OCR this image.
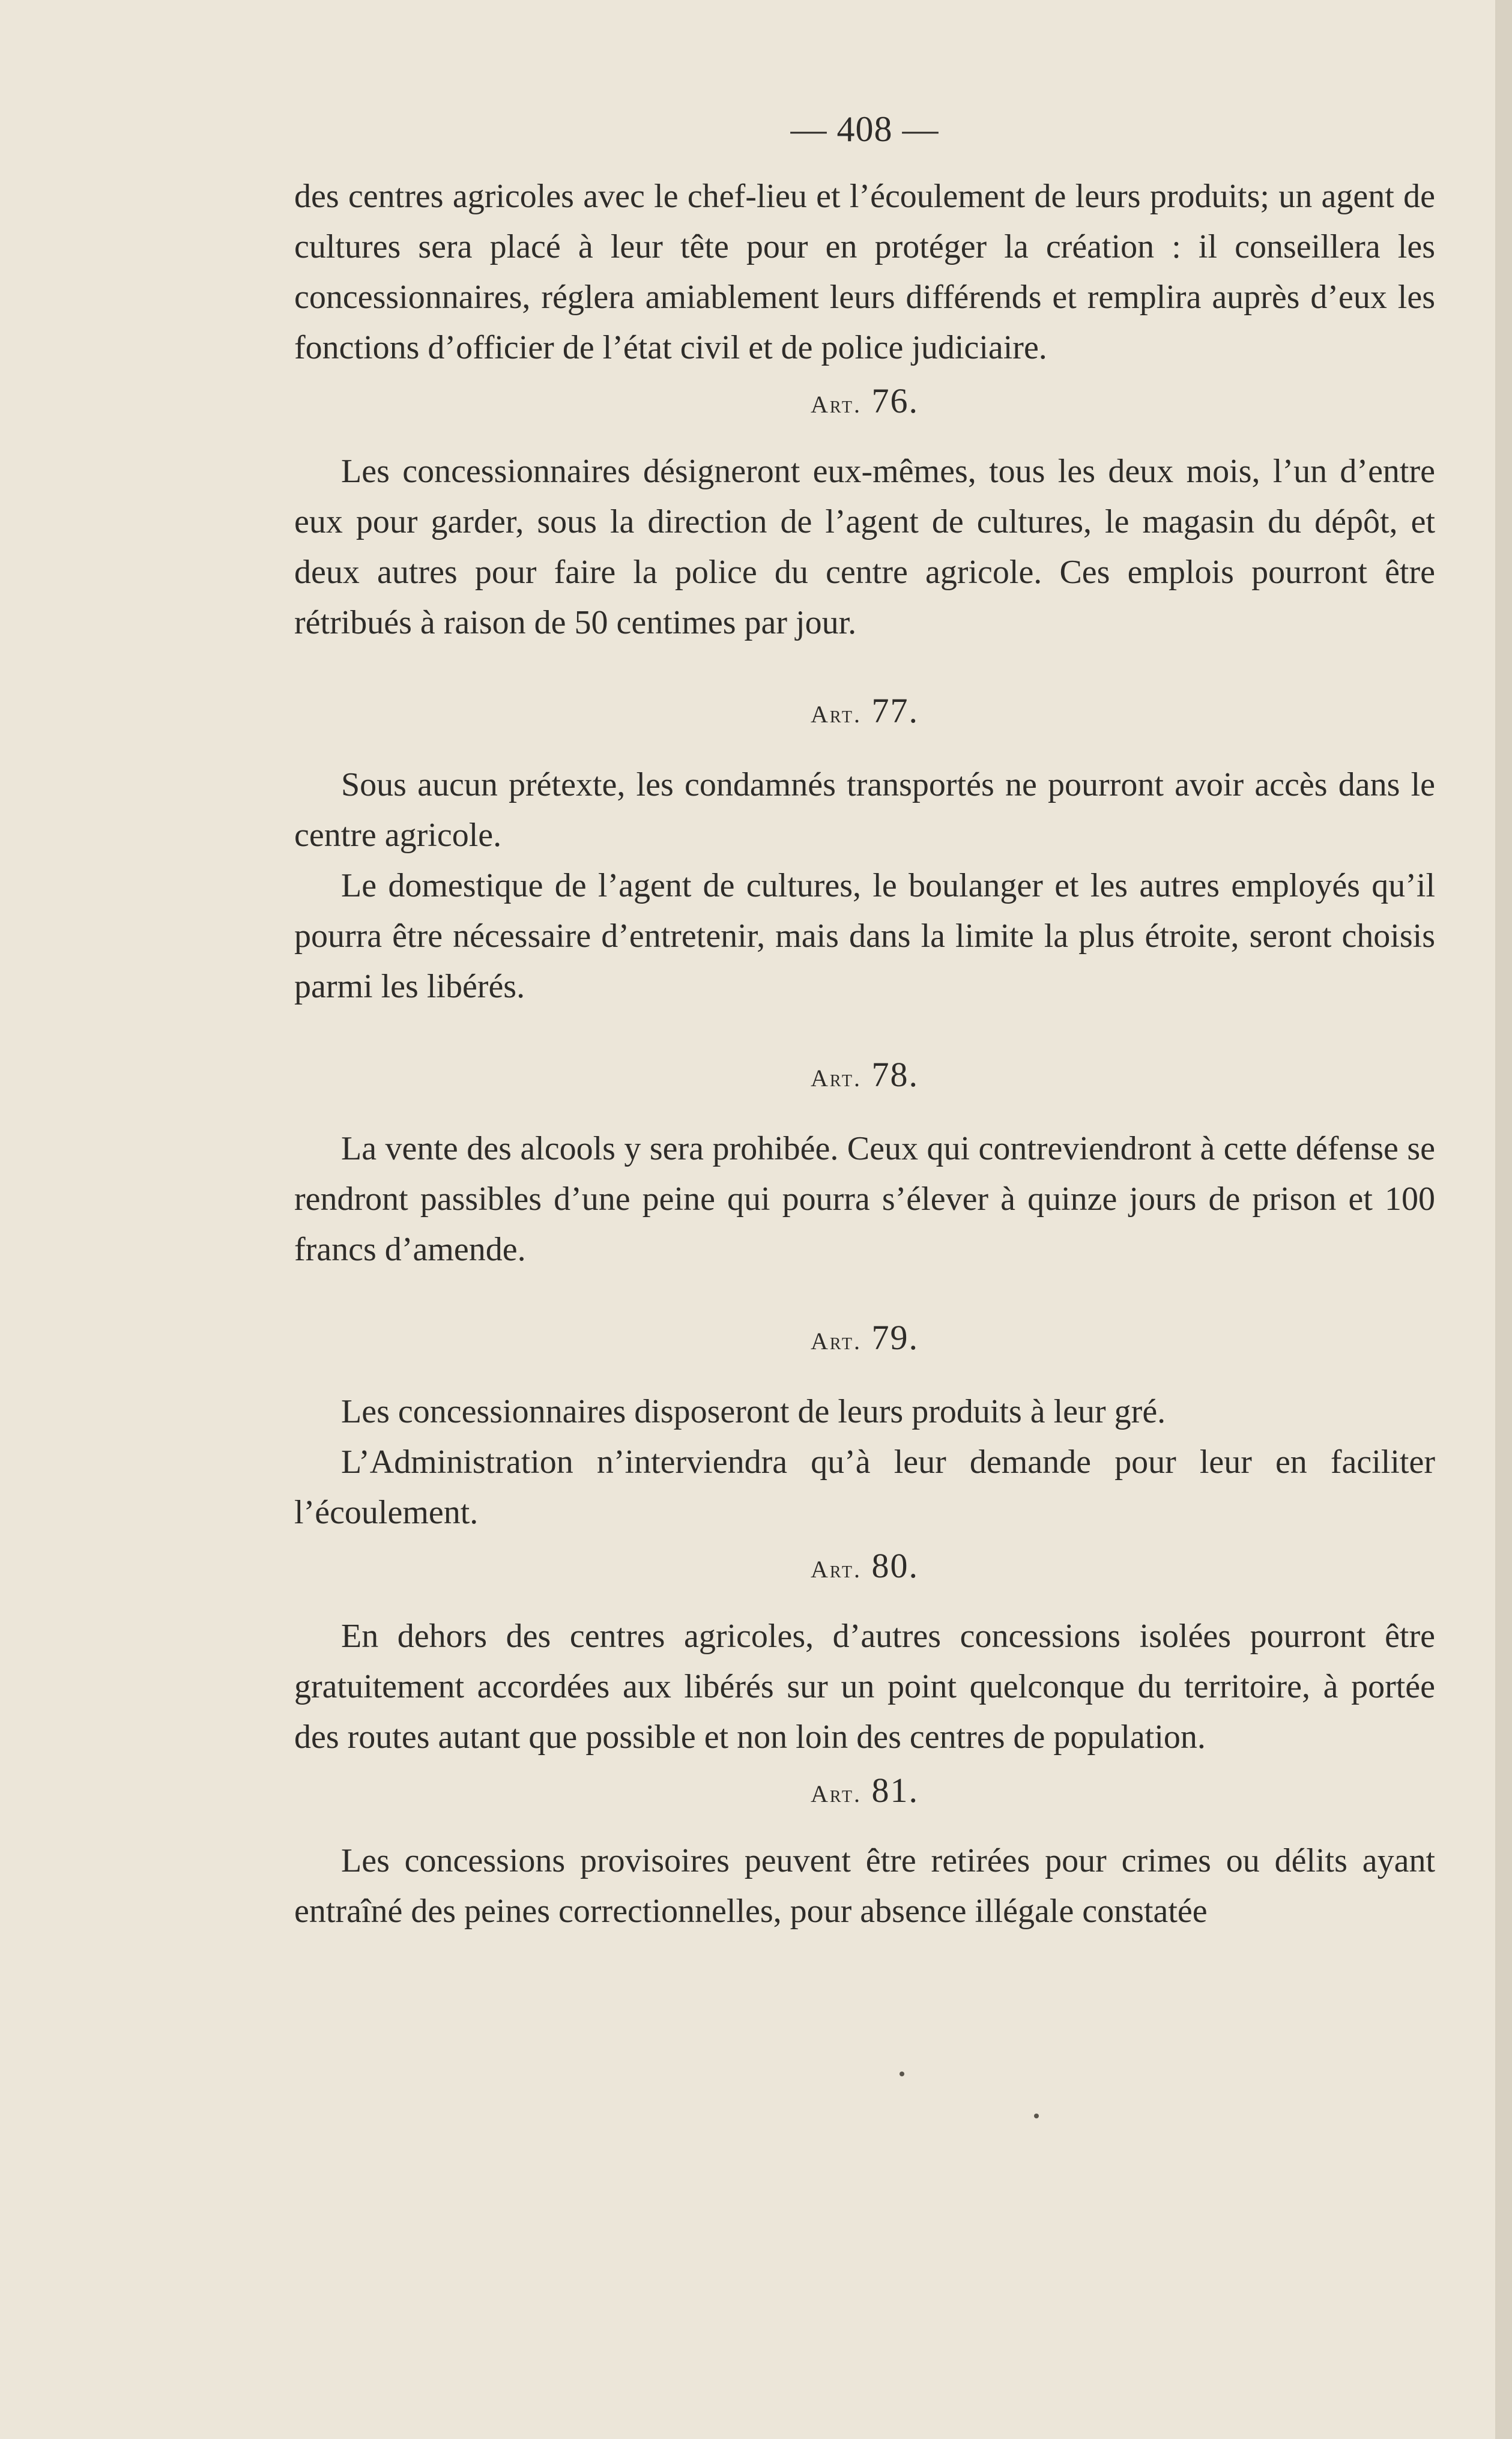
— 408 —

des centres agricoles avec le chef-lieu et l’écoulement de leurs produits; un agent de cultures sera placé à leur tête pour en protéger la création : il conseillera les concessionnaires, réglera amiablement leurs différends et remplira auprès d’eux les fonctions d’officier de l’état civil et de police judiciaire.

Art. 76.

Les concessionnaires désigneront eux-mêmes, tous les deux mois, l’un d’entre eux pour garder, sous la direction de l’agent de cultures, le magasin du dépôt, et deux autres pour faire la police du centre agricole. Ces emplois pourront être rétribués à raison de 50 centimes par jour.

Art. 77.

Sous aucun prétexte, les condamnés transportés ne pourront avoir accès dans le centre agricole.

Le domestique de l’agent de cultures, le boulanger et les autres employés qu’il pourra être nécessaire d’entretenir, mais dans la limite la plus étroite, seront choisis parmi les libérés.

Art. 78.

La vente des alcools y sera prohibée. Ceux qui contreviendront à cette défense se rendront passibles d’une peine qui pourra s’élever à quinze jours de prison et 100 francs d’amende.

Art. 79.

Les concessionnaires disposeront de leurs produits à leur gré.

L’Administration n’interviendra qu’à leur demande pour leur en faciliter l’écoulement.

Art. 80.

En dehors des centres agricoles, d’autres concessions isolées pourront être gratuitement accordées aux libérés sur un point quelconque du territoire, à portée des routes autant que possible et non loin des centres de population.

Art. 81.

Les concessions provisoires peuvent être retirées pour crimes ou délits ayant entraîné des peines correctionnelles, pour absence illégale constatée
